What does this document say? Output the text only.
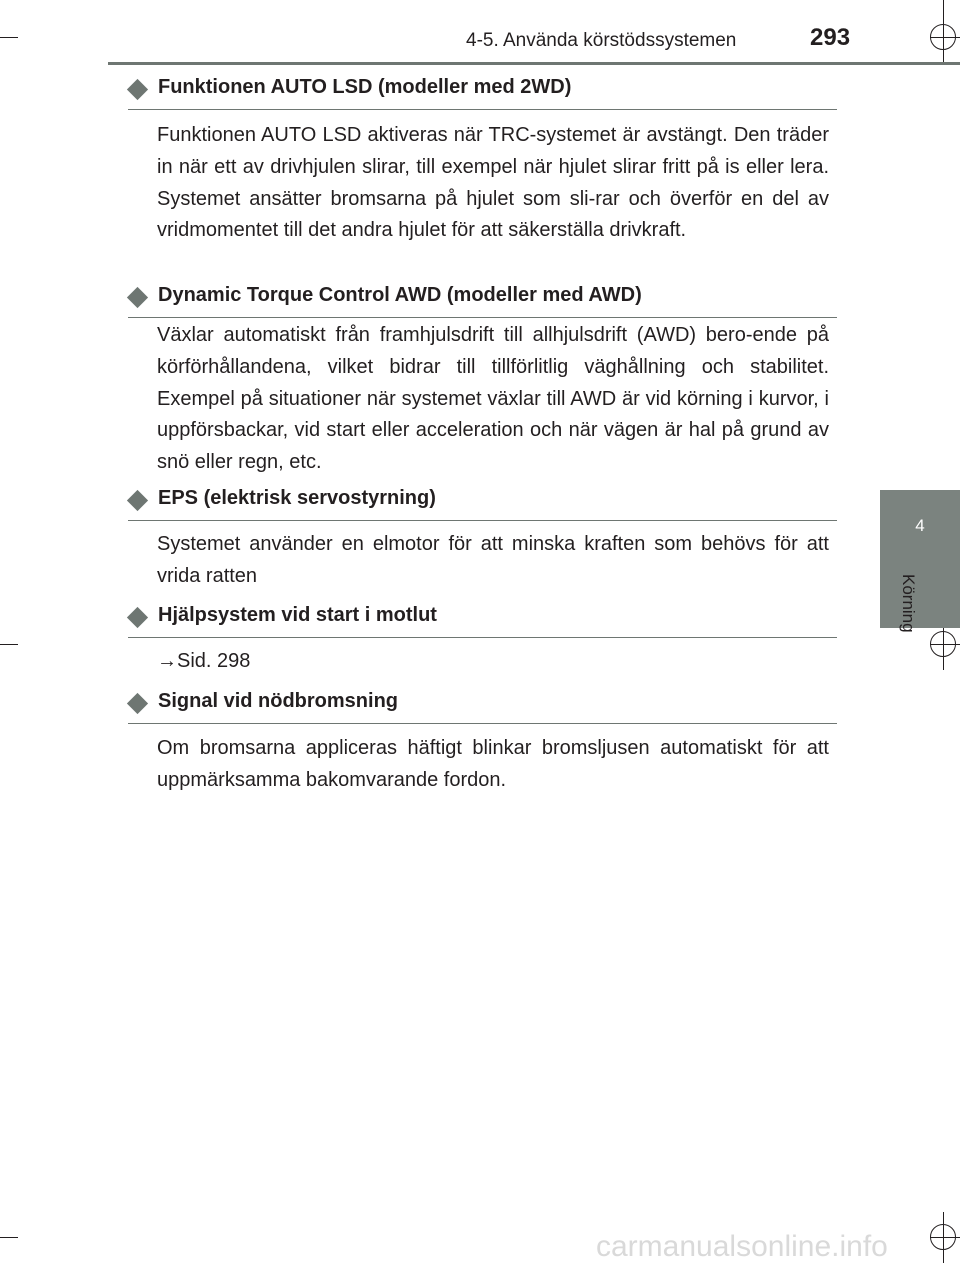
4-5. Använda körstödssystemen	293
4
Körning
Funktionen AUTO LSD (modeller med 2WD)
Funktionen AUTO LSD aktiveras när TRC-systemet är avstängt. Den träder in när ett av drivhjulen slirar, till exempel när hjulet slirar fritt på is eller lera. Systemet ansätter bromsarna på hjulet som sli-rar och överför en del av vridmomentet till det andra hjulet för att säkerställa drivkraft.
Dynamic Torque Control AWD (modeller med AWD)
Växlar automatiskt från framhjulsdrift till allhjulsdrift (AWD) bero-ende på körförhållandena, vilket bidrar till tillförlitlig väghållning och stabilitet. Exempel på situationer när systemet växlar till AWD är vid körning i kurvor, i uppförsbackar, vid start eller acceleration och när vägen är hal på grund av snö eller regn, etc.
EPS (elektrisk servostyrning)
Systemet använder en elmotor för att minska kraften som behövs för att vrida ratten
Hjälpsystem vid start i motlut
→Sid. 298
Signal vid nödbromsning
Om bromsarna appliceras häftigt blinkar bromsljusen automatiskt för att uppmärksamma bakomvarande fordon.
carmanualsonline.info
